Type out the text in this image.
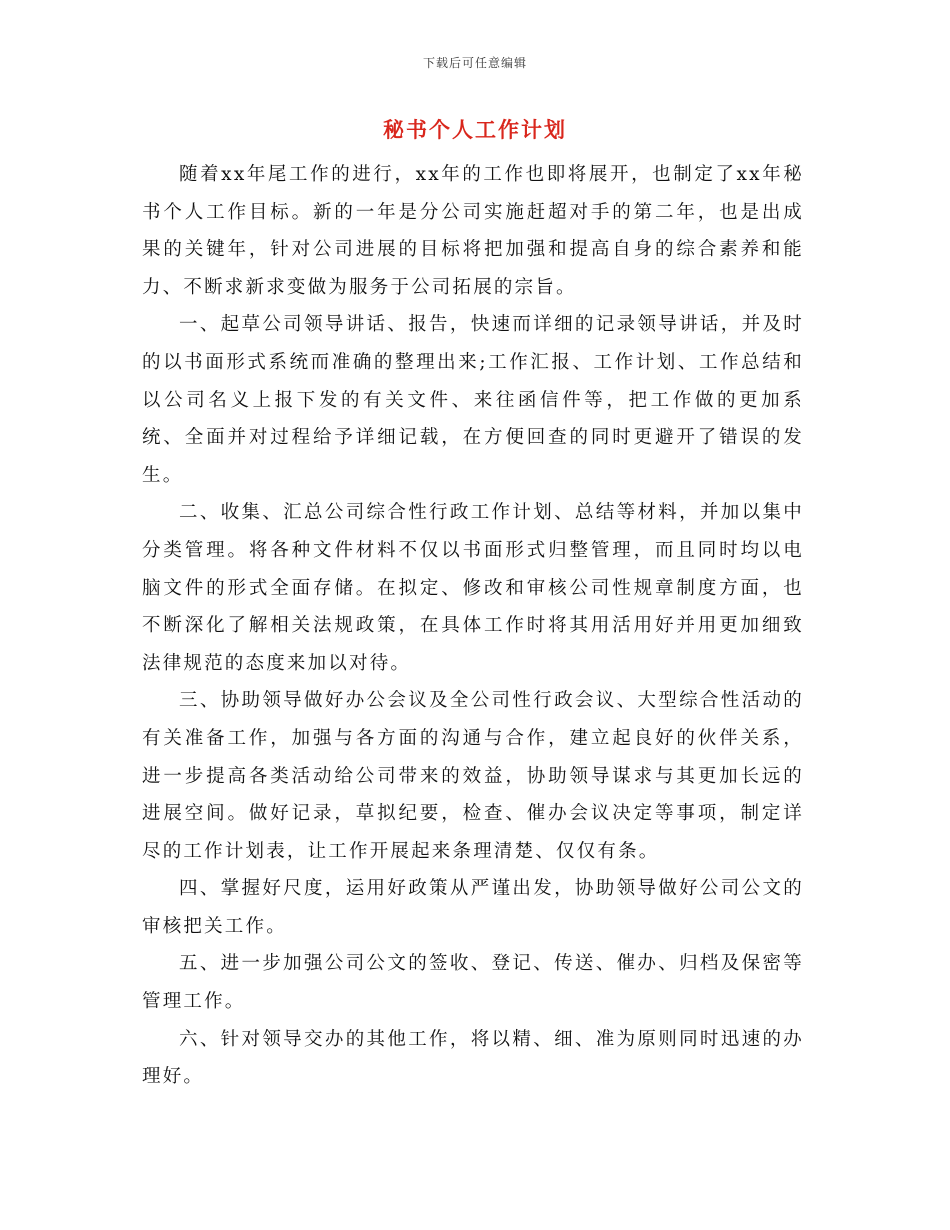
下载后可任意编辑
秘书个人工作计划

随着xx年尾工作的进行，xx年的工作也即将展开，也制定了xx年秘书个人工作目标。新的一年是分公司实施赶超对手的第二年，也是出成果的关键年，针对公司进展的目标将把加强和提高自身的综合素养和能力、不断求新求变做为服务于公司拓展的宗旨。

一、起草公司领导讲话、报告，快速而详细的记录领导讲话，并及时的以书面形式系统而准确的整理出来;工作汇报、工作计划、工作总结和以公司名义上报下发的有关文件、来往函信件等，把工作做的更加系统、全面并对过程给予详细记载，在方便回查的同时更避开了错误的发生。

二、收集、汇总公司综合性行政工作计划、总结等材料，并加以集中分类管理。将各种文件材料不仅以书面形式归整管理，而且同时均以电脑文件的形式全面存储。在拟定、修改和审核公司性规章制度方面，也不断深化了解相关法规政策，在具体工作时将其用活用好并用更加细致法律规范的态度来加以对待。

三、协助领导做好办公会议及全公司性行政会议、大型综合性活动的有关准备工作，加强与各方面的沟通与合作，建立起良好的伙伴关系，进一步提高各类活动给公司带来的效益，协助领导谋求与其更加长远的进展空间。做好记录，草拟纪要，检查、催办会议决定等事项，制定详尽的工作计划表，让工作开展起来条理清楚、仅仅有条。

四、掌握好尺度，运用好政策从严谨出发，协助领导做好公司公文的审核把关工作。

五、进一步加强公司公文的签收、登记、传送、催办、归档及保密等管理工作。

六、针对领导交办的其他工作，将以精、细、准为原则同时迅速的办理好。
